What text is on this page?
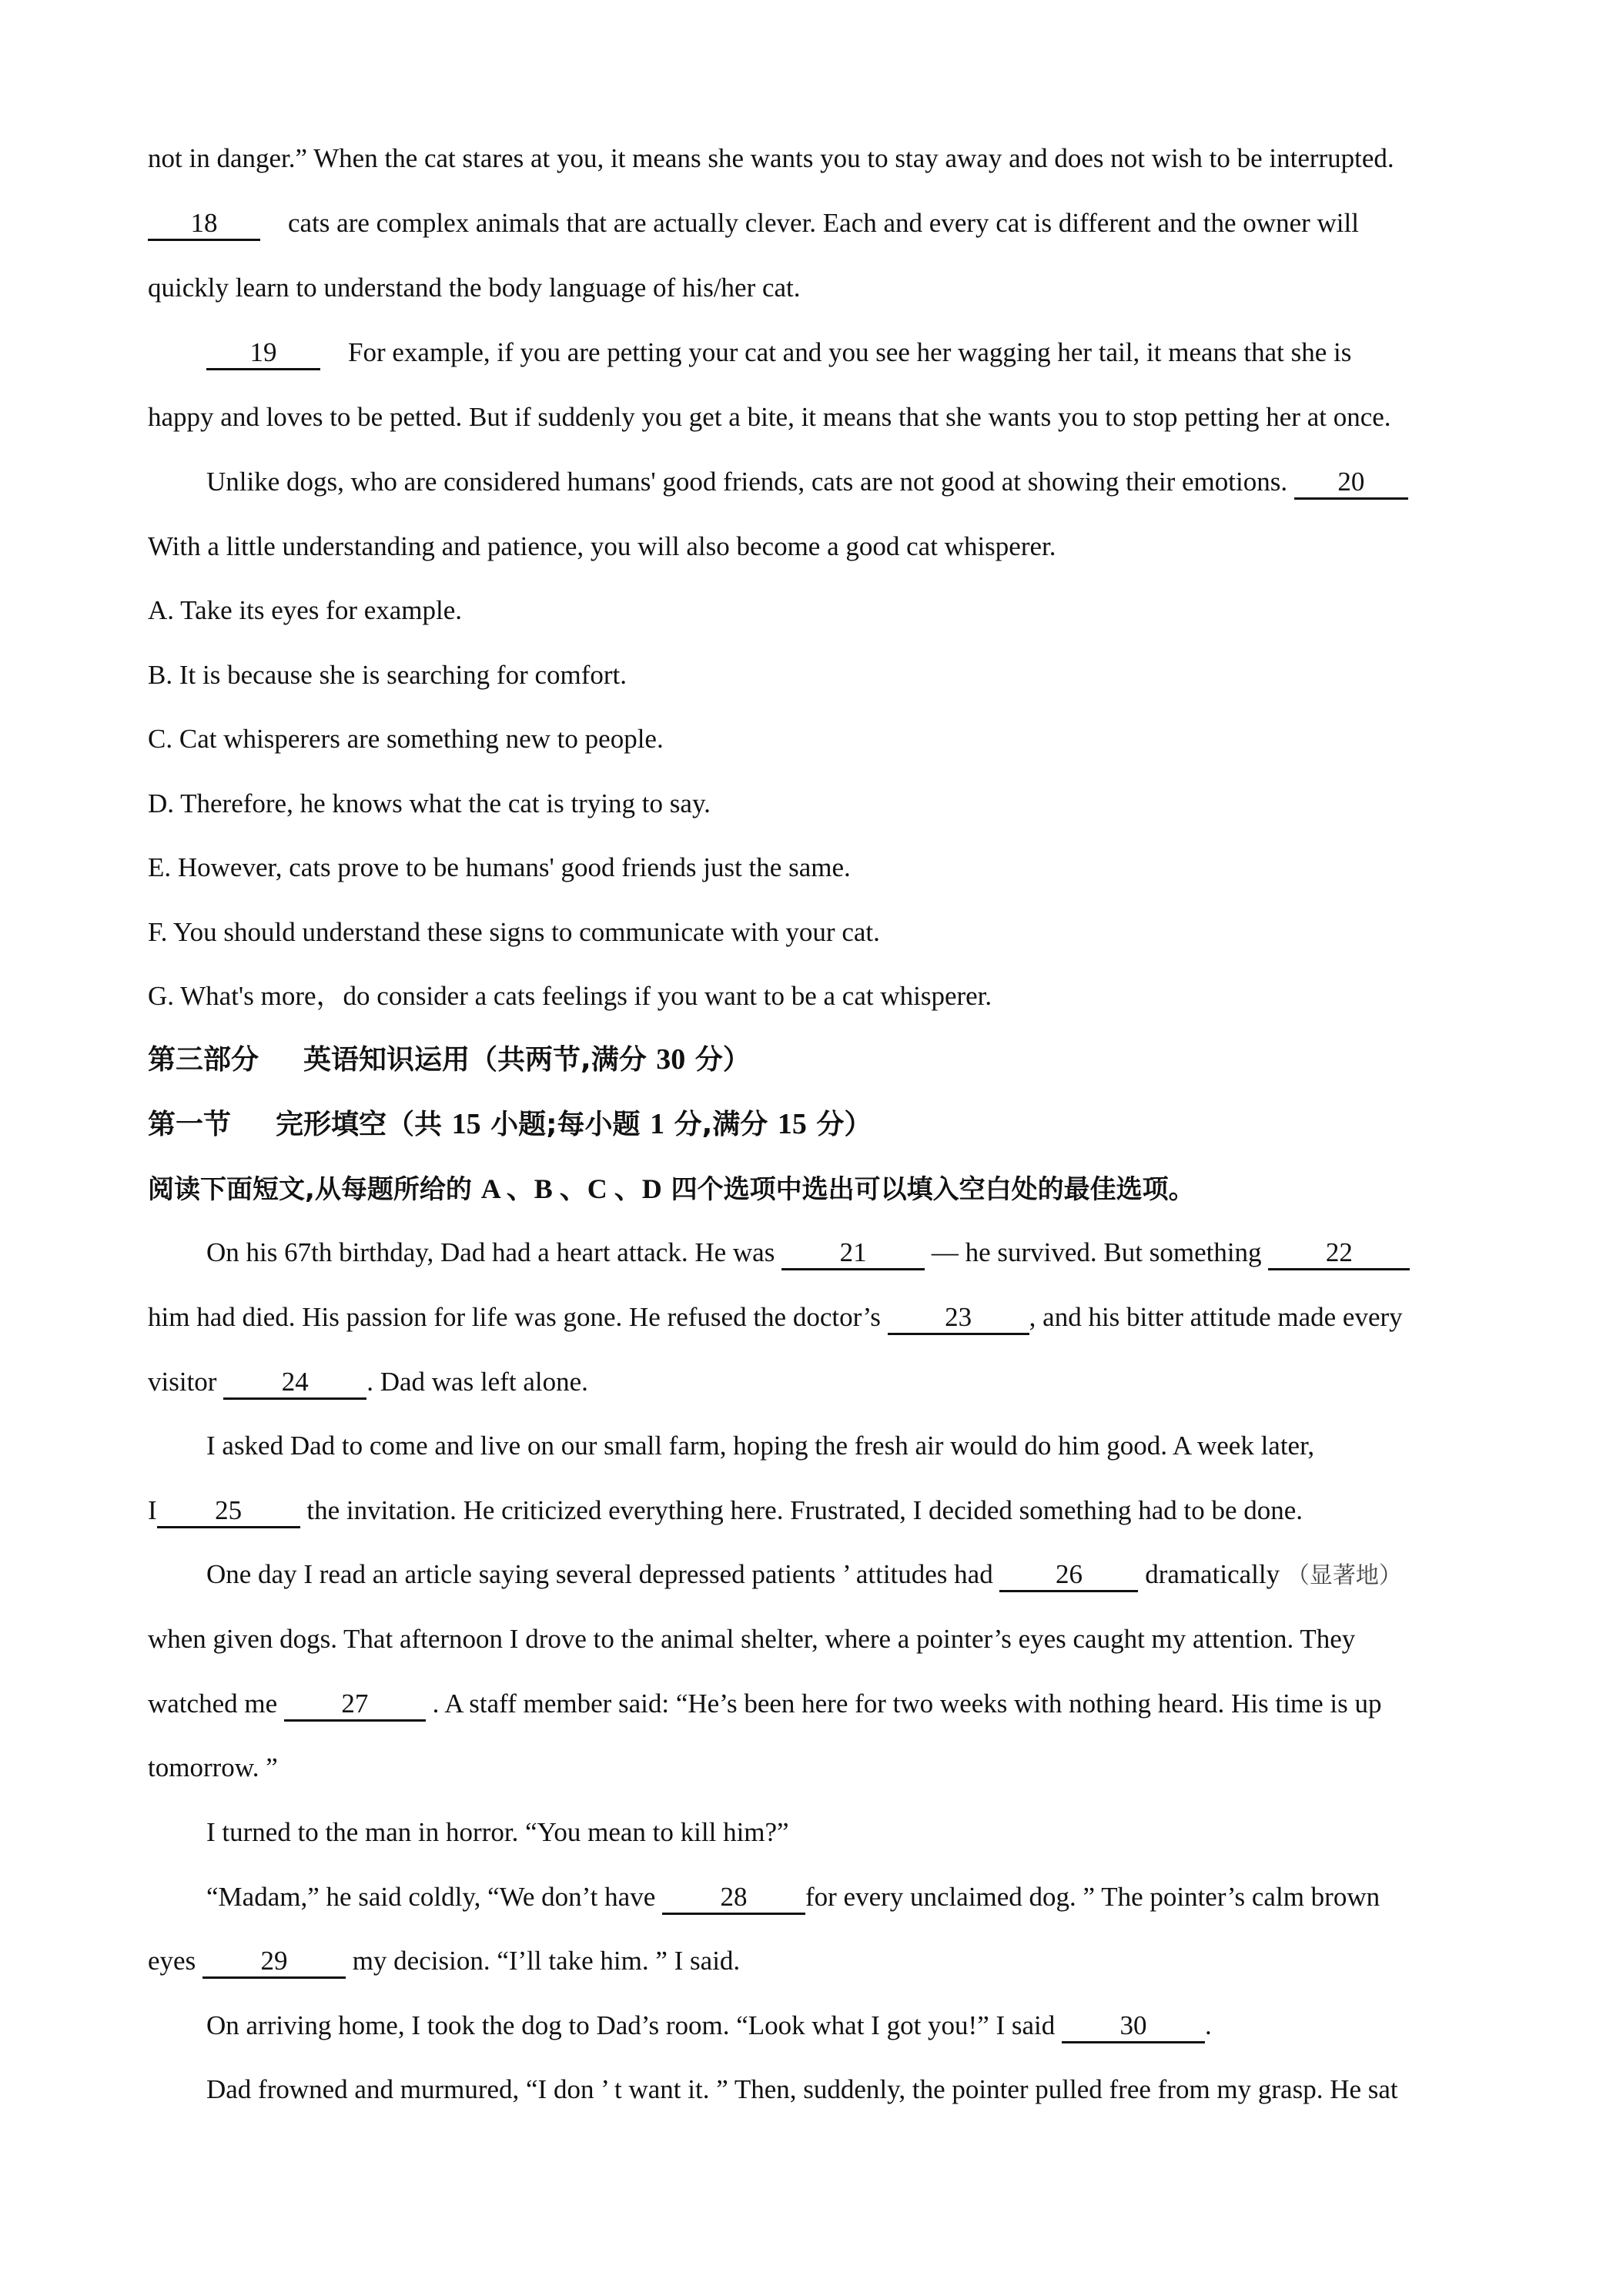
not in danger.” When the cat stares at you, it means she wants you to stay away and does not wish to be interrupted.
18	cats are complex animals that are actually clever. Each and every cat is different and the owner will
quickly learn to understand the body language of his/her cat.
19	For example, if you are petting your cat and you see her wagging her tail, it means that she is
happy and loves to be petted. But if suddenly you get a bite, it means that she wants you to stop petting her at once.
Unlike dogs, who are considered humans' good friends, cats are not good at showing their emotions. 20
With a little understanding and patience, you will also become a good cat whisperer.
A. Take its eyes for example.
B. It is because she is searching for comfort.
C. Cat whisperers are something new to people.
D. Therefore, he knows what the cat is trying to say.
E. However, cats prove to be humans' good friends just the same.
F. You should understand these signs to communicate with your cat.
G. What's more，do consider a cats feelings if you want to be a cat whisperer.
第三部分 英语知识运用（共两节,满分 30 分）
第一节 完形填空（共 15 小题;每小题 1 分,满分 15 分）
阅读下面短文,从每题所给的 A 、B 、C 、D 四个选项中选出可以填入空白处的最佳选项。
On his 67th birthday, Dad had a heart attack. He was 21 — he survived. But something 22
him had died. His passion for life was gone. He refused the doctor’s 23 , and his bitter attitude made every
visitor 24 . Dad was left alone.
I asked Dad to come and live on our small farm, hoping the fresh air would do him good. A week later,
I 25 the invitation. He criticized everything here. Frustrated, I decided something had to be done.
One day I read an article saying several depressed patients ’ attitudes had 26 dramatically （显著地）
when given dogs. That afternoon I drove to the animal shelter, where a pointer’s eyes caught my attention. They
watched me 27 . A staff member said: “He’s been here for two weeks with nothing heard. His time is up
tomorrow. ”
I turned to the man in horror. “You mean to kill him?”
“Madam,” he said coldly, “We don’t have 28 for every unclaimed dog. ” The pointer’s calm brown
eyes 29 my decision. “I’ll take him. ” I said.
On arriving home, I took the dog to Dad’s room. “Look what I got you!” I said 30 .
Dad frowned and murmured, “I don ’ t want it. ” Then, suddenly, the pointer pulled free from my grasp. He sat
